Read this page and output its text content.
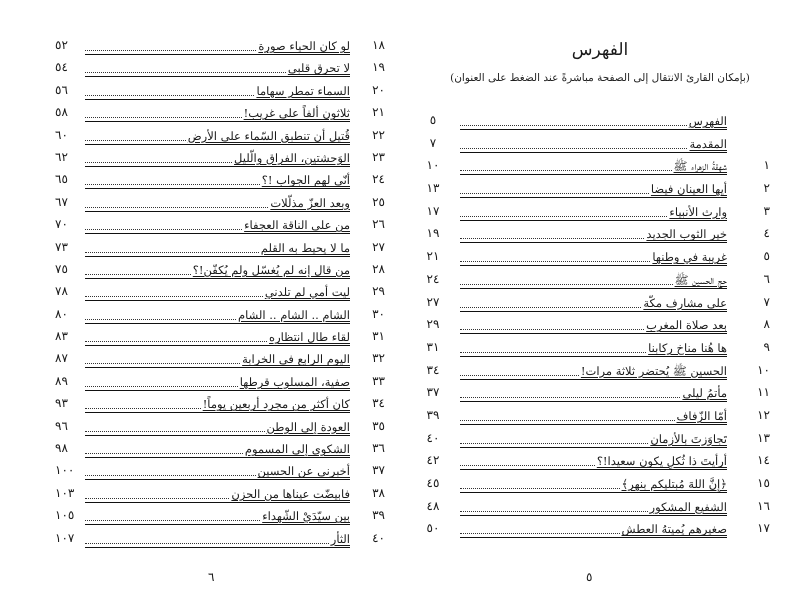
١٨
لو كان الحياء صورة
٥٢
١٩
لا تحرق قلبي
٥٤
٢٠
السماء تمطر سهاما
٥٦
٢١
ثلاثون ألفاً على غريب!
٥٨
٢٢
قُتيل أن تنطبق السّماء على الأرض
٦٠
٢٣
الوَحشتين، الفراق والّليل
٦٢
٢٤
أنّى لهم الجواب !؟
٦٥
٢٥
وبعد العزّ مذلّلات
٦٧
٢٦
من على الناقة العجفاء
٧٠
٢٧
ما لا يحيط به القلم
٧٣
٢٨
من قال إنه لم يُغسّل ولم يُكفّن!؟
٧٥
٢٩
ليت أمي لم تلدني
٧٨
٣٠
الشام .. الشام .. الشام
٨٠
٣١
لقاء طال انتظاره
٨٣
٣٢
اليوم الرابع في الخرابة
٨٧
٣٣
صفية، المسلوب قرطها
٨٩
٣٤
كان أكثر من مجرد أربعين يوماً!
٩٣
٣٥
العودة إلى الوطن
٩٦
٣٦
الشكوى إلى المسموم
٩٨
٣٧
أخبرني عن الحسين
١٠٠
٣٨
فابيضّت عيناها من الحزن
١٠٣
٣٩
بين سيّدَيْ الشّهداء
١٠٥
٤٠
الثأر
١٠٧
٦
الفهرس
(بإمكان القارئ الانتقال إلى الصفحة مباشرةً عند الضغط على العنوان)
٥
الفهرس
٥
المقدمة
٧
١
شهقةُ الزهراء ﷺ
١٠
٢
أيها العينان فيضا
١٣
٣
وارث الأنبياء
١٧
٤
خير الثوب الجديد
١٩
٥
غريبة في وطنها
٢١
٦
حج الحسين ﷺ
٢٤
٧
على مشارف مكّة
٢٧
٨
بعد صلاة المغرب
٢٩
٩
ها هُنا مناخ ركابنا
٣١
١٠
الحسين ﷺ يُحتضر ثلاثة مرات!
٣٤
١١
مأتمُ ليلى
٣٧
١٢
أمّا الزّفاف
٣٩
١٣
تَجاوَزتَ بالأزمان
٤٠
١٤
أرأيتَ ذا ثُكلٍ يكون سعيدا!؟
٤٢
١٥
﴿إِنَّ اللهَ مُبتليكم بنهر﴾
٤٥
١٦
الشفيع المشكور
٤٨
١٧
صغيرهم يُميتهُ العطش
٥٠
